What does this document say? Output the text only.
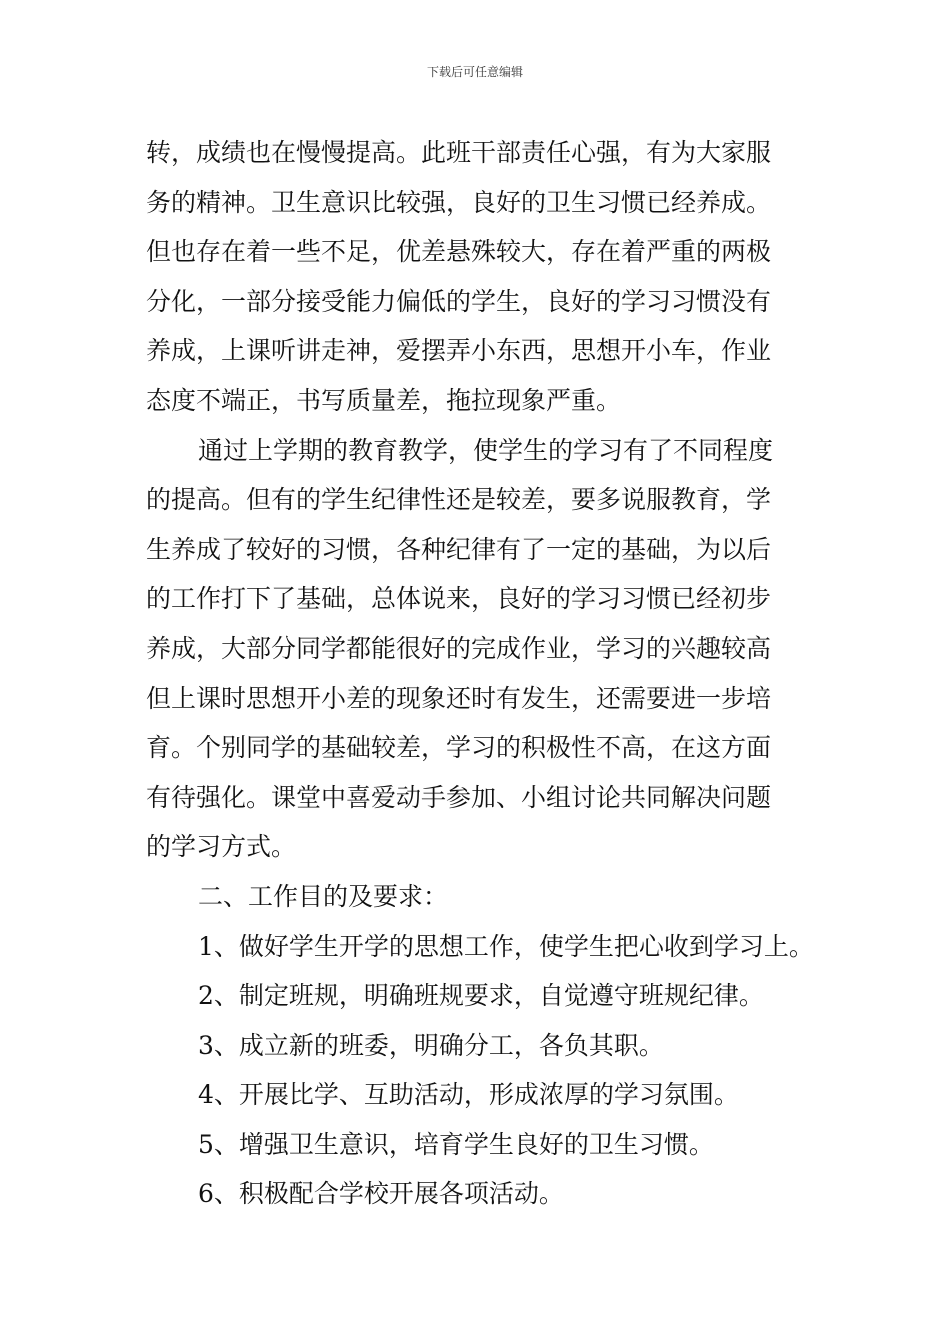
下载后可任意编辑
转，成绩也在慢慢提高。此班干部责任心强，有为大家服
务的精神。卫生意识比较强，良好的卫生习惯已经养成。
但也存在着一些不足，优差悬殊较大，存在着严重的两极
分化，一部分接受能力偏低的学生，良好的学习习惯没有
养成，上课听讲走神，爱摆弄小东西，思想开小车，作业
态度不端正，书写质量差，拖拉现象严重。
通过上学期的教育教学，使学生的学习有了不同程度
的提高。但有的学生纪律性还是较差，要多说服教育，学
生养成了较好的习惯，各种纪律有了一定的基础，为以后
的工作打下了基础，总体说来，良好的学习习惯已经初步
养成，大部分同学都能很好的完成作业，学习的兴趣较高
但上课时思想开小差的现象还时有发生，还需要进一步培
育。个别同学的基础较差，学习的积极性不高，在这方面
有待强化。课堂中喜爱动手参加、小组讨论共同解决问题
的学习方式。
二、工作目的及要求：
1、做好学生开学的思想工作，使学生把心收到学习上。
2、制定班规，明确班规要求，自觉遵守班规纪律。
3、成立新的班委，明确分工，各负其职。
4、开展比学、互助活动，形成浓厚的学习氛围。
5、增强卫生意识，培育学生良好的卫生习惯。
6、积极配合学校开展各项活动。
